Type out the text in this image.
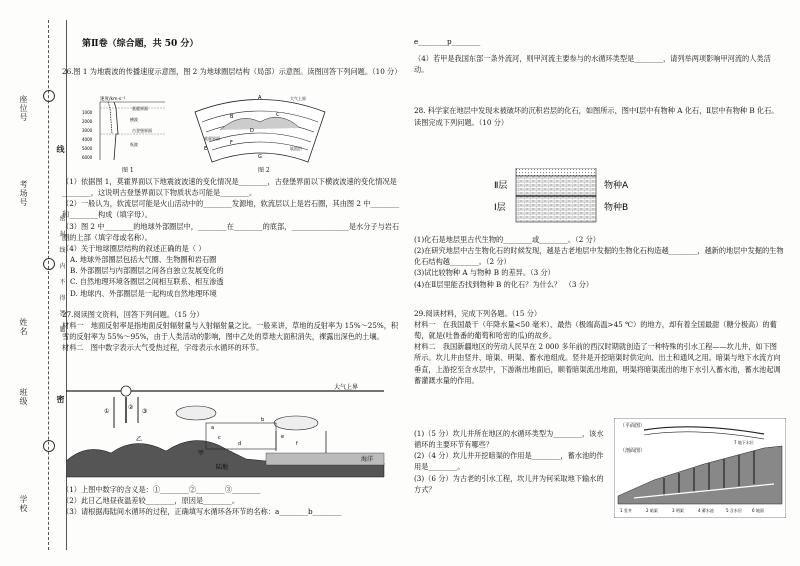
座位号
考场号
姓名
班级
学校
线
密 封 线 内 不 得 答 题
密

第Ⅱ卷（综合题，共 50 分）

26.图 1 为地震波的传播速度示意图，图 2 为地球圈层结构（局部）示意图。读图回答下列问题。（10 分）

速度/km·s⁻¹
1000
2000
3000
4000
5000
6000
莫霍界面
古登堡界面
横波
纵波
图 1
A
B	C
D
E
F
G
大气上界
莫霍界面
软流层
图 2

（1）依据图 1，莫霍界面以下地震波波速的变化情况是________，古登堡界面以下横波波速的变化情况是________，这说明古登堡界面以下物质状态可能是________。

（2）一般认为，软流层可能是火山活动中的________发源地，软流层以上是岩石圈，其由图 2 中________和________构成（填字母）。

（3）图 2 中________的地球外部圈层中，________在________的底部，________________是水分子与岩石圈的上部（填字母或名称）。

（4）关于地球圈层结构的叙述正确的是（ ）

A. 地球外部圈层包括大气圈、生物圈和岩石圈

B. 外部圈层与内部圈层之间各自独立发展变化的

C. 自然地理环境各圈层之间相互联系、相互渗透

D. 地球内、外部圈层是一起构成自然地理环境

27.阅读图文资料，回答下列问题。（15 分）

材料一　地面反射率是指地面反射辐射量与入射辐射量之比。一般来讲，草地的反射率为 15%～25%，积雪的反射率为 55%～95%，由于人类活动的影响，图中乙处的草地大面积消失，裸露出深色的土壤。

材料二　图中数字表示大气受热过程，字母表示水循环的环节。

大气上界
①
②
③
海洋
陆地
甲
乙
a
b
c
d
e
f

（1）上图中数字的含义是：①________②________③________

（2）此日乙地昼夜温差较________，原因是________。

（3）请根据海陆间水循环的过程，正确填写水循环各环节的名称：a________b________

e________p________

（4）若甲是我国东部一条外流河，则甲河流主要参与的水循环类型是________，请列举两项影响甲河流的人类活动。

28. 科学家在地层中发现未被破坏的沉积岩层的化石，如图所示，图中Ⅰ层中有物种 A 化石，Ⅱ层中有物种 B 化石。读图完成下列问题。（10 分）

Ⅱ层
Ⅰ层
物种A
物种B

(1)化石是地层里古代生物的________或________。（2 分）

(2)在研究地层中古生物化石的时候发现，越是古老地层中发掘的生物化石构造越________，越新的地层中发掘的生物化石结构越________。（2 分）

(3)试比较物种 A 与物种 B 的差异。（3 分）

(4)在Ⅱ层里能否找到物种 B 的化石？为什么？　（3 分）

29.阅读材料，完成下列各题。（15 分）

材料一　在我国最干（年降水量<50 毫米）、最热（极端高温>45 ℃）的地方，却有着全国最甜（糖分极高）的葡萄，就是(吐鲁番的葡萄和哈密的瓜)的故乡。

材料二　我国新疆地区的劳动人民早在 2 000 多年前的西汉时期就创造了一种特殊的引水工程——坎儿井，如下图所示。坎儿井由竖井、暗渠、明渠、蓄水池组成。竖井是开挖暗渠时供定向、出土和通风之用。暗渠与地下水流方向垂直，上游挖至含水层中，下游渐出地面后，顺着暗渠流出地面，明渠将暗渠流出的地下水引入蓄水池，蓄水池起调蓄灌溉水量的作用。

(1)（5 分）坎儿井所在地区的水循环类型为________，该水循环的主要环节有哪些？

(2)（4 分）坎儿井开挖暗渠的作用是________，蓄水池的作用是________。

(3)（6 分）为古老的引水工程，坎儿井为何采取地下输水的方式？

（平面图）
（剖面图）
1 竖井	2 暗渠	3 明渠	4 蓄水池	5 含水层	6 地面
7 地下水位
